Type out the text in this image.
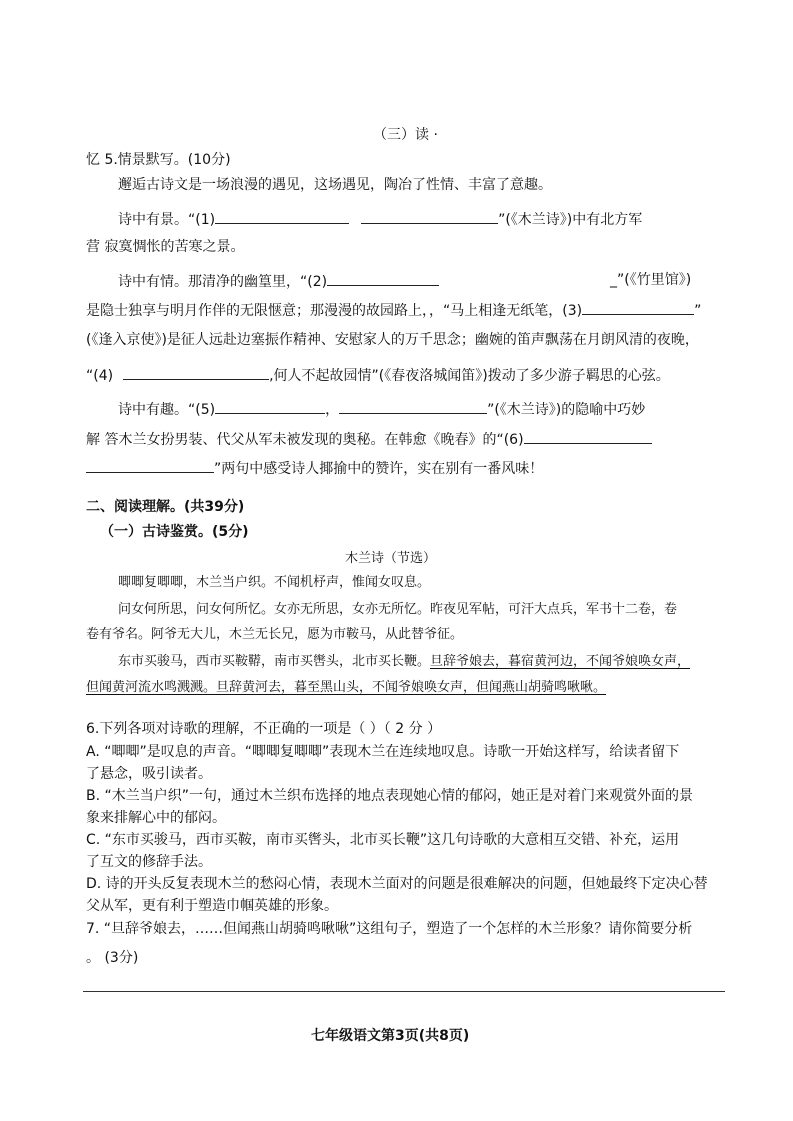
（三）读 ·
忆 5.情景默写。(10分)
邂逅古诗文是一场浪漫的遇见，这场遇见，陶冶了性情、丰富了意趣。
诗中有景。“(1)	”(《木兰诗》)中有北方军
营 寂寞惆怅的苦寒之景。
诗中有情。那清净的幽篁里，“(2)	_”(《竹里馆》)
是隐士独享与明月作伴的无限惬意；那漫漫的故园路上，，“马上相逢无纸笔，(3)	”
(《逢入京使》)是征人远赴边塞振作精神、安慰家人的万千思念；幽婉的笛声飘荡在月朗风清的夜晚，
“(4)	,何人不起故园情”(《春夜洛城闻笛》)拨动了多少游子羁思的心弦。
诗中有趣。“(5)	，	”(《木兰诗》)的隐喻中巧妙
解 答木兰女扮男装、代父从军未被发现的奥秘。在韩愈《晚春》的“(6)
”两句中感受诗人揶揄中的赞许，实在别有一番风味！
二、阅读理解。(共39分)
（一）古诗鉴赏。(5分)
木兰诗（节选）
唧唧复唧唧，木兰当户织。不闻机杼声，惟闻女叹息。
问女何所思，问女何所忆。女亦无所思，女亦无所忆。昨夜见军帖，可汗大点兵，军书十二卷，卷
卷有爷名。阿爷无大儿，木兰无长兄，愿为市鞍马，从此替爷征。
东市买骏马，西市买鞍鞯，南市买辔头，北市买长鞭。旦辞爷娘去，暮宿黄河边，不闻爷娘唤女声，
但闻黄河流水鸣溅溅。旦辞黄河去，暮至黑山头，不闻爷娘唤女声，但闻燕山胡骑鸣啾啾。
6.下列各项对诗歌的理解，不正确的一项是（ ）（ 2 分 ）
A. “唧唧”是叹息的声音。“唧唧复唧唧”表现木兰在连续地叹息。诗歌一开始这样写，给读者留下
了悬念，吸引读者。
B. “木兰当户织”一句，通过木兰织布选择的地点表现她心情的郁闷，她正是对着门来观赏外面的景
象来排解心中的郁闷。
C. “东市买骏马，西市买鞍，南市买辔头，北市买长鞭”这几句诗歌的大意相互交错、补充，运用
了互文的修辞手法。
D. 诗的开头反复表现木兰的愁闷心情，表现木兰面对的问题是很难解决的问题，但她最终下定决心替
父从军，更有利于塑造巾帼英雄的形象。
7. “旦辞爷娘去，……但闻燕山胡骑鸣啾啾”这组句子，塑造了一个怎样的木兰形象？请你简要分析
。 (3分)
七年级语文第3页(共8页)
